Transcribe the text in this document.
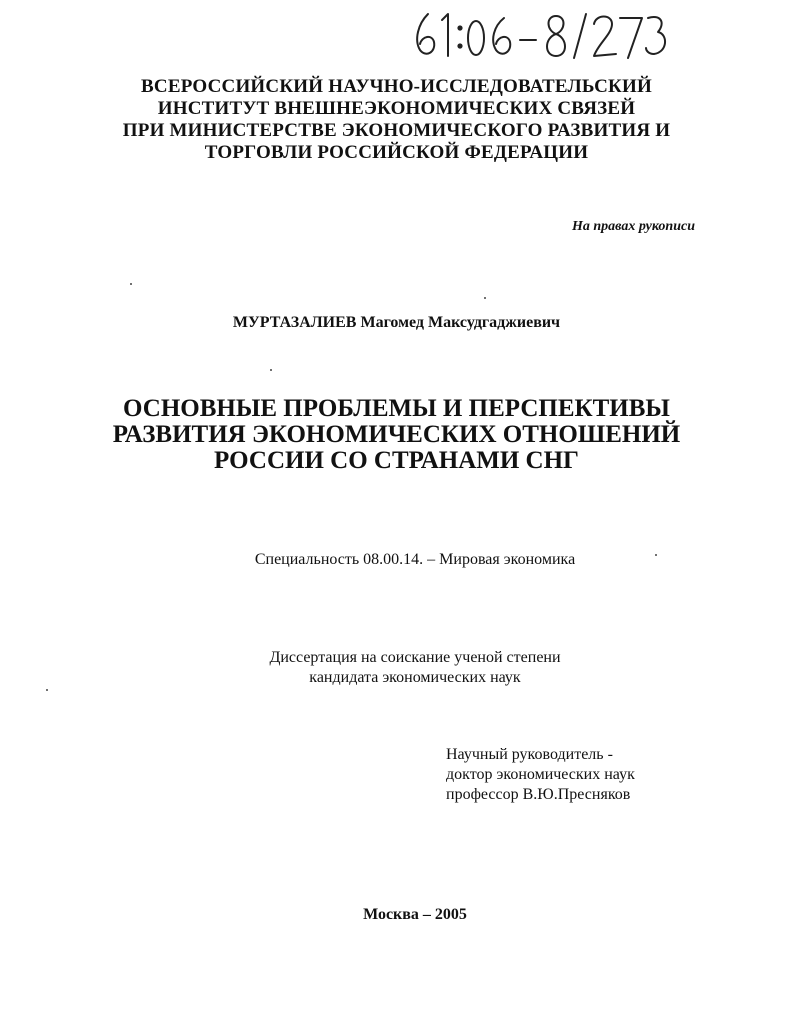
ВСЕРОССИЙСКИЙ НАУЧНО-ИССЛЕДОВАТЕЛЬСКИЙ
ИНСТИТУТ ВНЕШНЕЭКОНОМИЧЕСКИХ СВЯЗЕЙ
ПРИ МИНИСТЕРСТВЕ ЭКОНОМИЧЕСКОГО РАЗВИТИЯ И
ТОРГОВЛИ РОССИЙСКОЙ ФЕДЕРАЦИИ
На правах рукописи
МУРТАЗАЛИЕВ Магомед Максудгаджиевич
ОСНОВНЫЕ ПРОБЛЕМЫ И ПЕРСПЕКТИВЫ
РАЗВИТИЯ ЭКОНОМИЧЕСКИХ ОТНОШЕНИЙ
РОССИИ СО СТРАНАМИ СНГ
Специальность 08.00.14. – Мировая экономика
Диссертация на соискание ученой степени
кандидата экономических наук
Научный руководитель -
доктор экономических наук
профессор В.Ю.Пресняков
Москва – 2005
